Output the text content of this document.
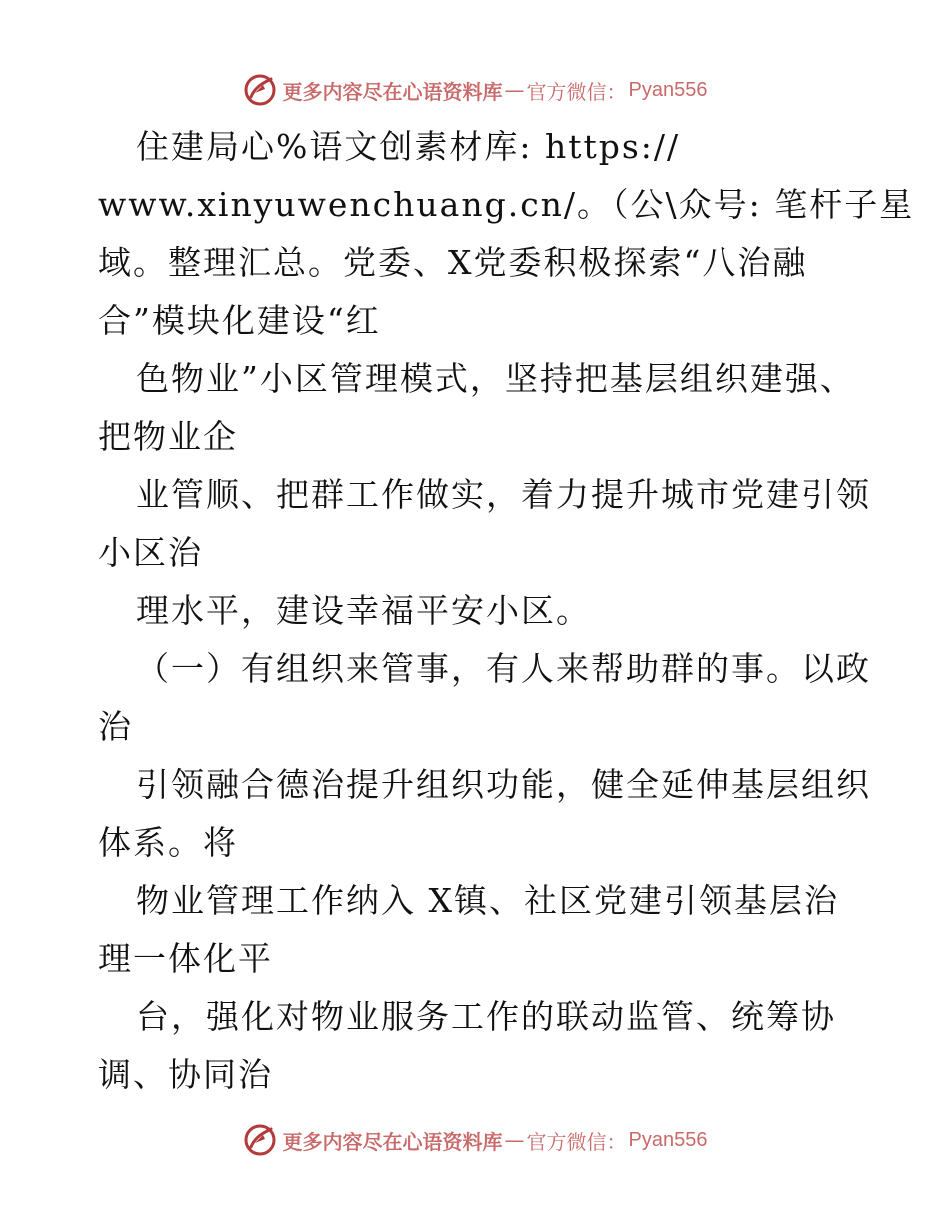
更多内容尽在心语资料库 — 官方微信： Pyan556
住建局心%语文创素材库: https://
www.xinyuwenchuang.cn/。（公\众号: 笔杆子星
域。整理汇总。党委、X党委积极探索“八治融
合”模块化建设“红
色物业”小区管理模式，坚持把基层组织建强、
把物业企
业管顺、把群工作做实，着力提升城市党建引领
小区治
理水平，建设幸福平安小区。
（一）有组织来管事，有人来帮助群的事。以政
治
引领融合德治提升组织功能，健全延伸基层组织
体系。将
物业管理工作纳入 X镇、社区党建引领基层治
理一体化平
台，强化对物业服务工作的联动监管、统筹协
调、协同治
更多内容尽在心语资料库 — 官方微信： Pyan556
